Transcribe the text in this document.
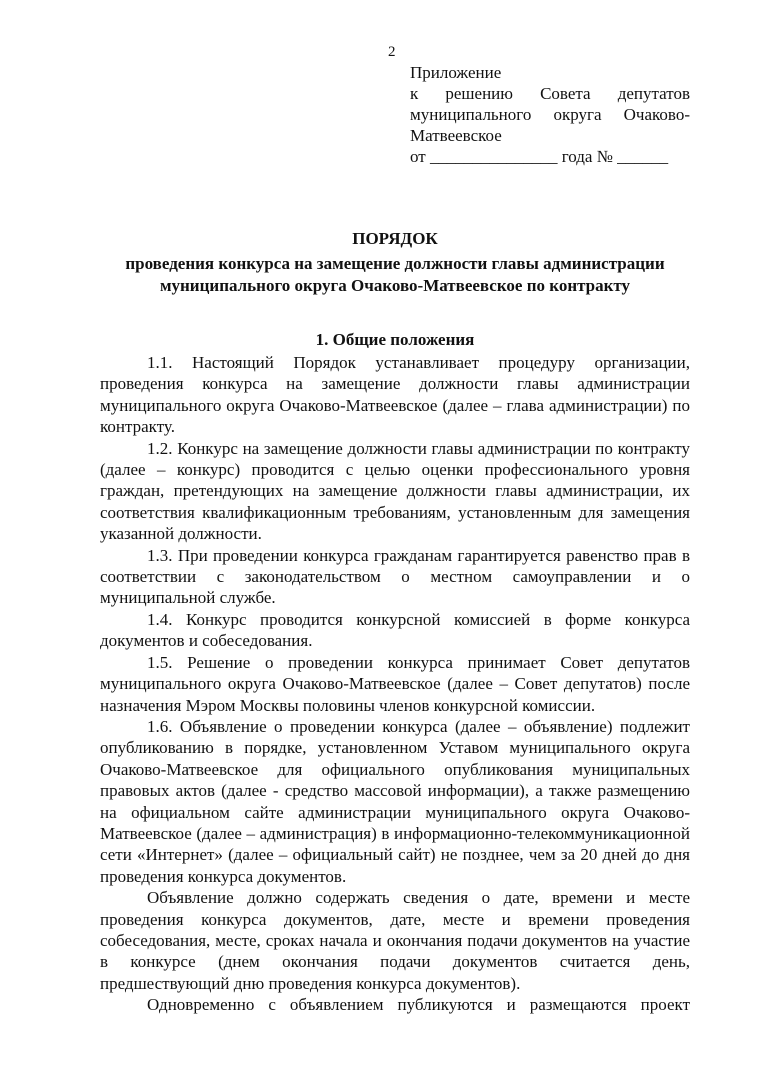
2
Приложение
к решению Совета депутатов
муниципального округа Очаково-
Матвеевское
от _______________ года № ______
ПОРЯДОК
проведения конкурса на замещение должности главы администрации
муниципального округа Очаково-Матвеевское по контракту
1. Общие положения

1.1. Настоящий Порядок устанавливает процедуру организации, проведения конкурса на замещение должности главы администрации муниципального округа Очаково-Матвеевское (далее – глава администрации) по контракту.

1.2. Конкурс на замещение должности главы администрации по контракту (далее – конкурс) проводится с целью оценки профессионального уровня граждан, претендующих на замещение должности главы администрации, их соответствия квалификационным требованиям, установленным для замещения указанной должности.

1.3. При проведении конкурса гражданам гарантируется равенство прав в соответствии с законодательством о местном самоуправлении и о муниципальной службе.

1.4. Конкурс проводится конкурсной комиссией в форме конкурса документов и собеседования.

1.5. Решение о проведении конкурса принимает Совет депутатов муниципального округа Очаково-Матвеевское (далее – Совет депутатов) после назначения Мэром Москвы половины членов конкурсной комиссии.

1.6. Объявление о проведении конкурса (далее – объявление) подлежит опубликованию в порядке, установленном Уставом муниципального округа Очаково-Матвеевское для официального опубликования муниципальных правовых актов (далее - средство массовой информации), а также размещению на официальном сайте администрации муниципального округа Очаково-Матвеевское (далее – администрация) в информационно-телекоммуникационной сети «Интернет» (далее – официальный сайт) не позднее, чем за 20 дней до дня проведения конкурса документов.

Объявление должно содержать сведения о дате, времени и месте проведения конкурса документов, дате, месте и времени проведения собеседования, месте, сроках начала и окончания подачи документов на участие в конкурсе (днем окончания подачи документов считается день, предшествующий дню проведения конкурса документов).

Одновременно с объявлением публикуются и размещаются проект
